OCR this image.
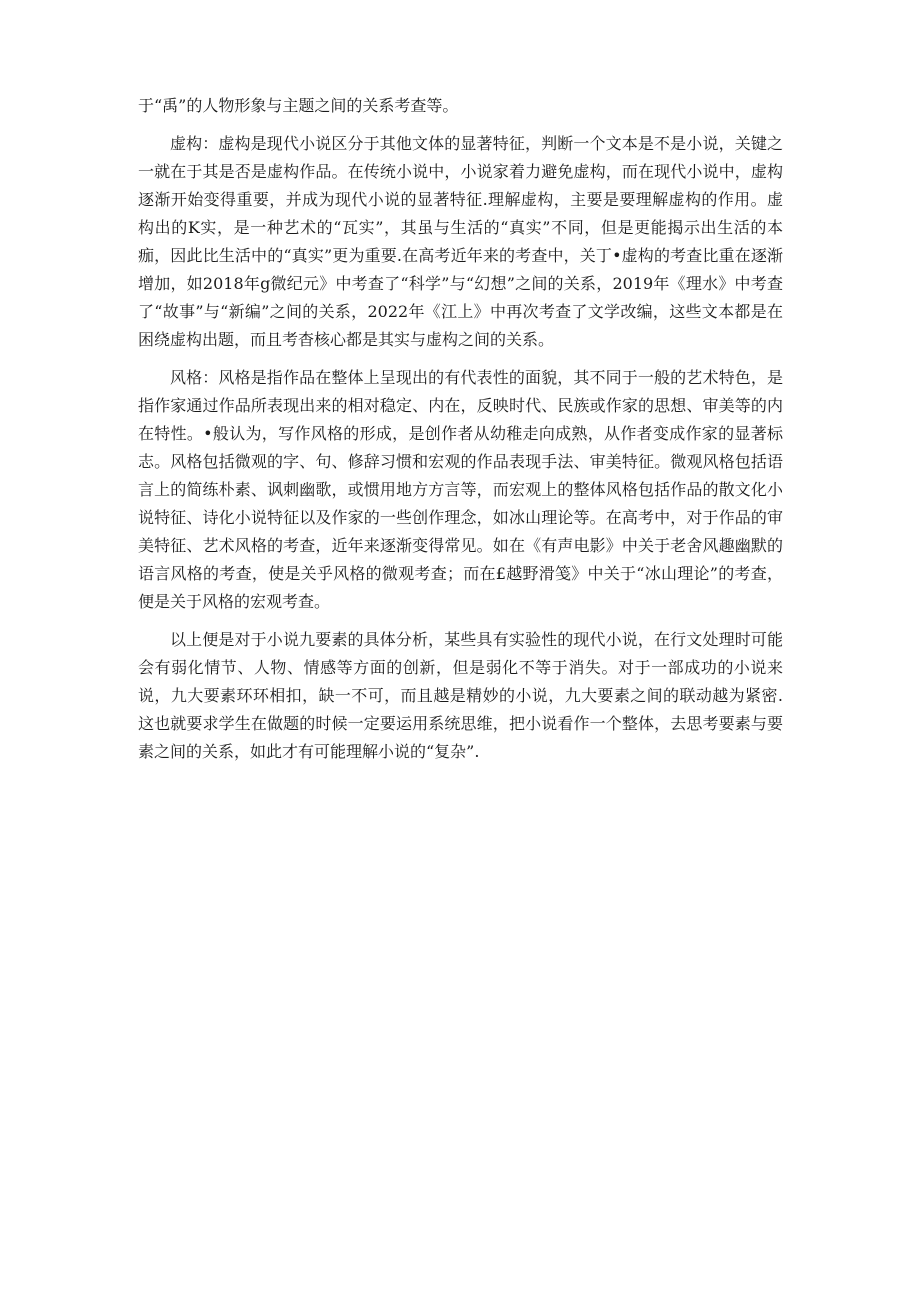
于“禹”的人物形象与主题之间的关系考查等。

虚构：虚构是现代小说区分于其他文体的显著特征，判断一个文本是不是小说，关键之一就在于其是否是虚构作品。在传统小说中，小说家着力避免虚构，而在现代小说中，虚构逐渐开始变得重要，并成为现代小说的显著特征.理解虚构，主要是要理解虚构的作用。虚构出的K实，是一种艺术的“瓦实”，其虽与生活的“真实”不同，但是更能揭示出生活的本痂，因此比生活中的“真实”更为重要.在高考近年来的考查中，关丁•虚构的考查比重在逐渐增加，如2018年g微纪元》中考查了“科学”与“幻想”之间的关系，2019年《理水》中考查了“故事”与“新编”之间的关系，2022年《江上》中再次考查了文学改编，这些文本都是在困绕虚构出题，而且考杳核心都是其实与虚构之间的关系。

风格：风格是指作品在整体上呈现出的有代表性的面貌，其不同于一般的艺术特色，是指作家通过作品所表现出来的相对稳定、内在，反映时代、民族或作家的思想、审美等的内在特性。•般认为，写作风格的形成，是创作者从幼稚走向成熟，从作者变成作家的显著标志。风格包括微观的字、句、修辞习惯和宏观的作品表现手法、审美特征。微观风格包括语言上的简练朴素、讽刺幽歌，或惯用地方方言等，而宏观上的整体风格包括作品的散文化小说特征、诗化小说特征以及作家的一些创作理念，如冰山理论等。在高考中，对于作品的审美特征、艺术风格的考查，近年来逐渐变得常见。如在《有声电影》中关于老舍风趣幽默的语言风格的考查，使是关乎风格的微观考查；而在£越野滑笺》中关于“冰山理论”的考查，便是关于风格的宏观考查。

以上便是对于小说九要素的具体分析，某些具有实验性的现代小说，在行文处理时可能会有弱化情节、人物、情感等方面的创新，但是弱化不等于消失。对于一部成功的小说来说，九大要素环环相扣，缺一不可，而且越是精妙的小说，九大要素之间的联动越为紧密.这也就要求学生在做题的时候一定要运用系统思维，把小说看作一个整体，去思考要素与要素之间的关系，如此才有可能理解小说的“复杂”.
